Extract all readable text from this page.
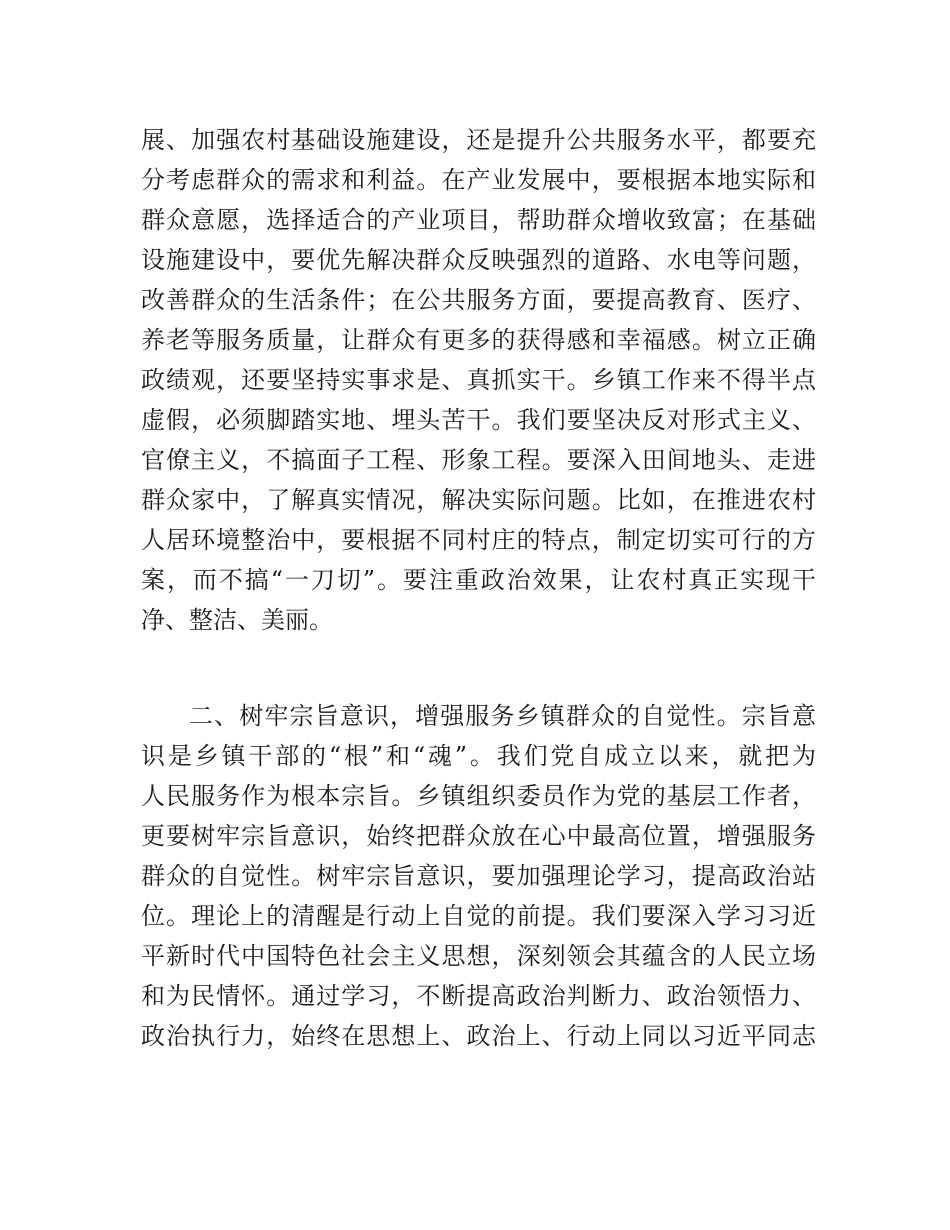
展、加强农村基础设施建设，还是提升公共服务水平，都要充
分考虑群众的需求和利益。在产业发展中，要根据本地实际和
群众意愿，选择适合的产业项目，帮助群众增收致富；在基础
设施建设中，要优先解决群众反映强烈的道路、水电等问题，
改善群众的生活条件；在公共服务方面，要提高教育、医疗、
养老等服务质量，让群众有更多的获得感和幸福感。树立正确
政绩观，还要坚持实事求是、真抓实干。乡镇工作来不得半点
虚假，必须脚踏实地、埋头苦干。我们要坚决反对形式主义、
官僚主义，不搞面子工程、形象工程。要深入田间地头、走进
群众家中，了解真实情况，解决实际问题。比如，在推进农村
人居环境整治中，要根据不同村庄的特点，制定切实可行的方
案，而不搞“一刀切”。要注重政治效果，让农村真正实现干
净、整洁、美丽。
二、树牢宗旨意识，增强服务乡镇群众的自觉性。宗旨意
识是乡镇干部的“根”和“魂”。我们党自成立以来，就把为
人民服务作为根本宗旨。乡镇组织委员作为党的基层工作者，
更要树牢宗旨意识，始终把群众放在心中最高位置，增强服务
群众的自觉性。树牢宗旨意识，要加强理论学习，提高政治站
位。理论上的清醒是行动上自觉的前提。我们要深入学习习近
平新时代中国特色社会主义思想，深刻领会其蕴含的人民立场
和为民情怀。通过学习，不断提高政治判断力、政治领悟力、
政治执行力，始终在思想上、政治上、行动上同以习近平同志
